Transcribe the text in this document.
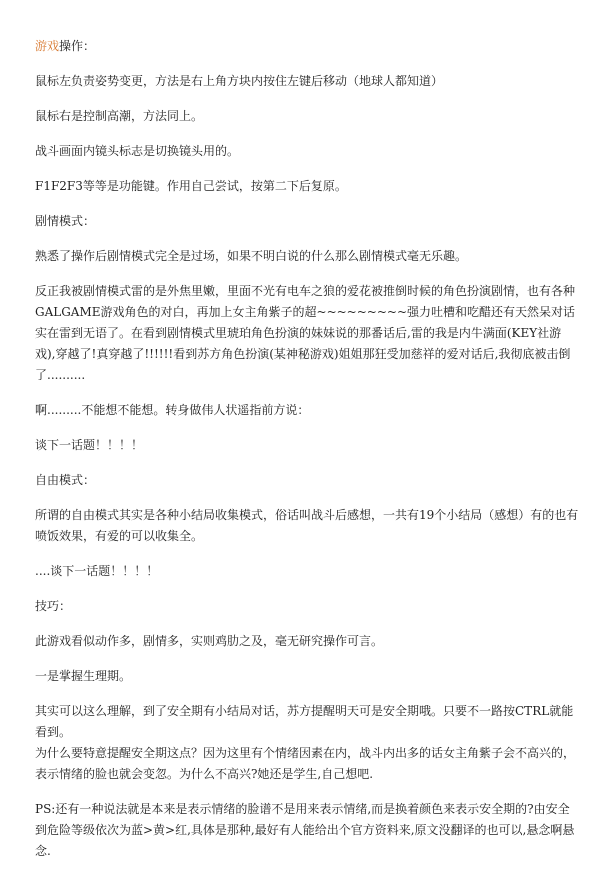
游戏操作：

鼠标左负责姿势变更，方法是右上角方块内按住左键后移动（地球人都知道）

鼠标右是控制高潮，方法同上。

战斗画面内镜头标志是切换镜头用的。

F1F2F3等等是功能键。作用自己尝试，按第二下后复原。

剧情模式：

熟悉了操作后剧情模式完全是过场，如果不明白说的什么那么剧情模式毫无乐趣。

反正我被剧情模式雷的是外焦里嫩，里面不光有电车之狼的爱花被推倒时候的角色扮演剧情，也有各种GALGAME游戏角色的对白，再加上女主角紫子的超~~~~~~~~~强力吐槽和吃醋还有天然呆对话实在雷到无语了。在看到剧情模式里琥珀角色扮演的妹妹说的那番话后,雷的我是内牛满面(KEY社游戏),穿越了!真穿越了!!!!!!看到苏方角色扮演(某神秘游戏)姐姐那狂受加慈祥的爱对话后,我彻底被击倒了..........

啊.........不能想不能想。转身做伟人状遥指前方说：

谈下一话题！！！！

自由模式：

所谓的自由模式其实是各种小结局收集模式，俗话叫战斗后感想，一共有19个小结局（感想）有的也有喷饭效果，有爱的可以收集全。

....谈下一话题！！！！

技巧：

此游戏看似动作多，剧情多，实则鸡肋之及，毫无研究操作可言。

一是掌握生理期。

其实可以这么理解，到了安全期有小结局对话，苏方提醒明天可是安全期哦。只要不一路按CTRL就能看到。

为什么要特意提醒安全期这点？因为这里有个情绪因素在内，战斗内出多的话女主角紫子会不高兴的，表示情绪的脸也就会变忽。为什么不高兴?她还是学生,自己想吧.

PS:还有一种说法就是本来是表示情绪的脸谱不是用来表示情绪,而是换着颜色来表示安全期的?由安全到危险等级依次为蓝>黄>红,具体是那种,最好有人能给出个官方资料来,原文没翻译的也可以,悬念啊悬念.
